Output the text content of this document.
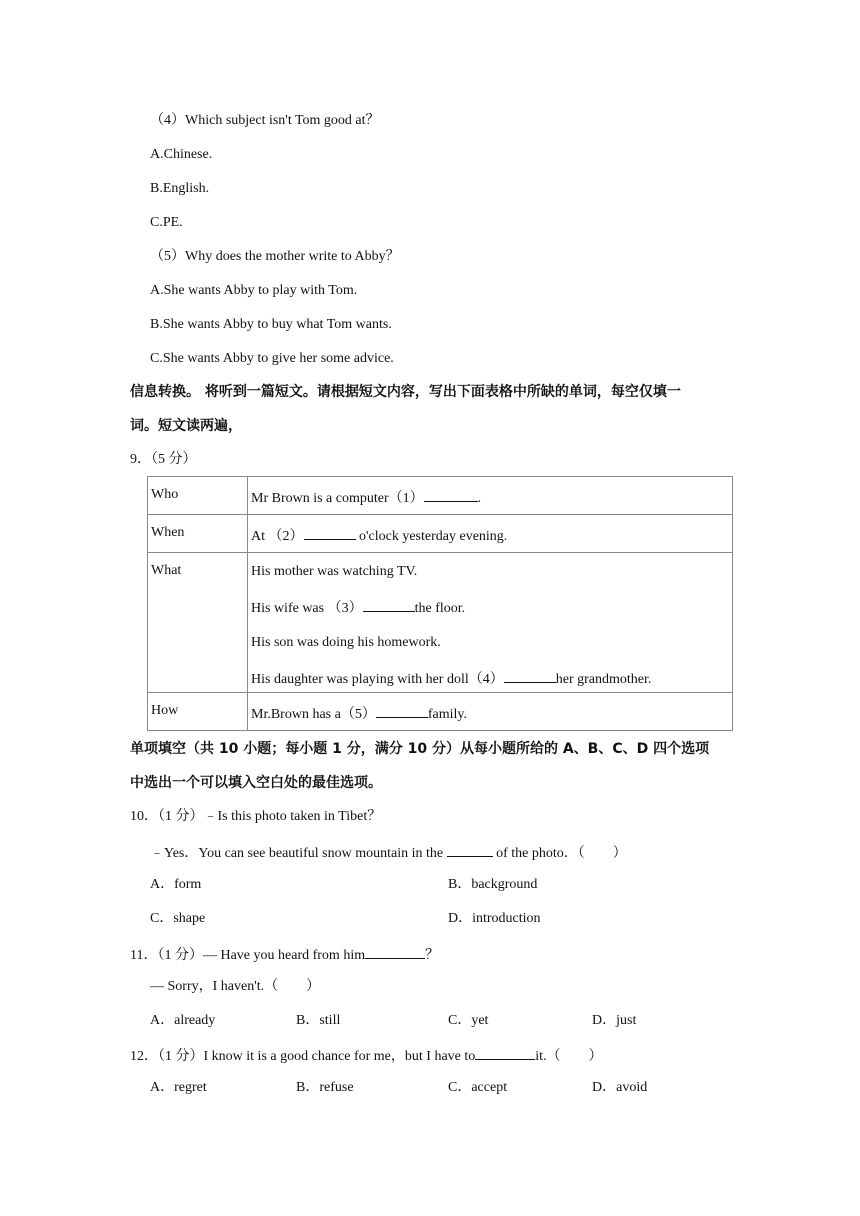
（4）Which subject isn't Tom good at？
A.Chinese.
B.English.
C.PE.
（5）Why does the mother write to Abby？
A.She wants Abby to play with Tom.
B.She wants Abby to buy what Tom wants.
C.She wants Abby to give her some advice.
信息转换。 将听到一篇短文。请根据短文内容，写出下面表格中所缺的单词，每空仅填一
词。短文读两遍，
9．（5 分）
Who	Mr Brown is a computer（1） .

When	At （2） o'clock yesterday evening.

What	His mother was watching TV.
His wife was （3） the floor.
His son was doing his homework.
His daughter was playing with her doll（4） her grandmother.

How	Mr.Brown has a（5） family.
单项填空（共 10 小题；每小题 1 分，满分 10 分）从每小题所给的 A、B、C、D 四个选项
中选出一个可以填入空白处的最佳选项。
10．（1 分）﹣Is this photo taken in Tibet？
﹣Yes．You can see beautiful snow mountain in the	of the photo．（　　）
A．form	B．background
C．shape	D．introduction
11．（1 分）— Have you heard from him	？
— Sorry，I haven't.（　　）
A．already	B．still	C．yet	D．just
12．（1 分）I know it is a good chance for me，but I have to	it.（　　）
A．regret	B．refuse	C．accept	D．avoid
